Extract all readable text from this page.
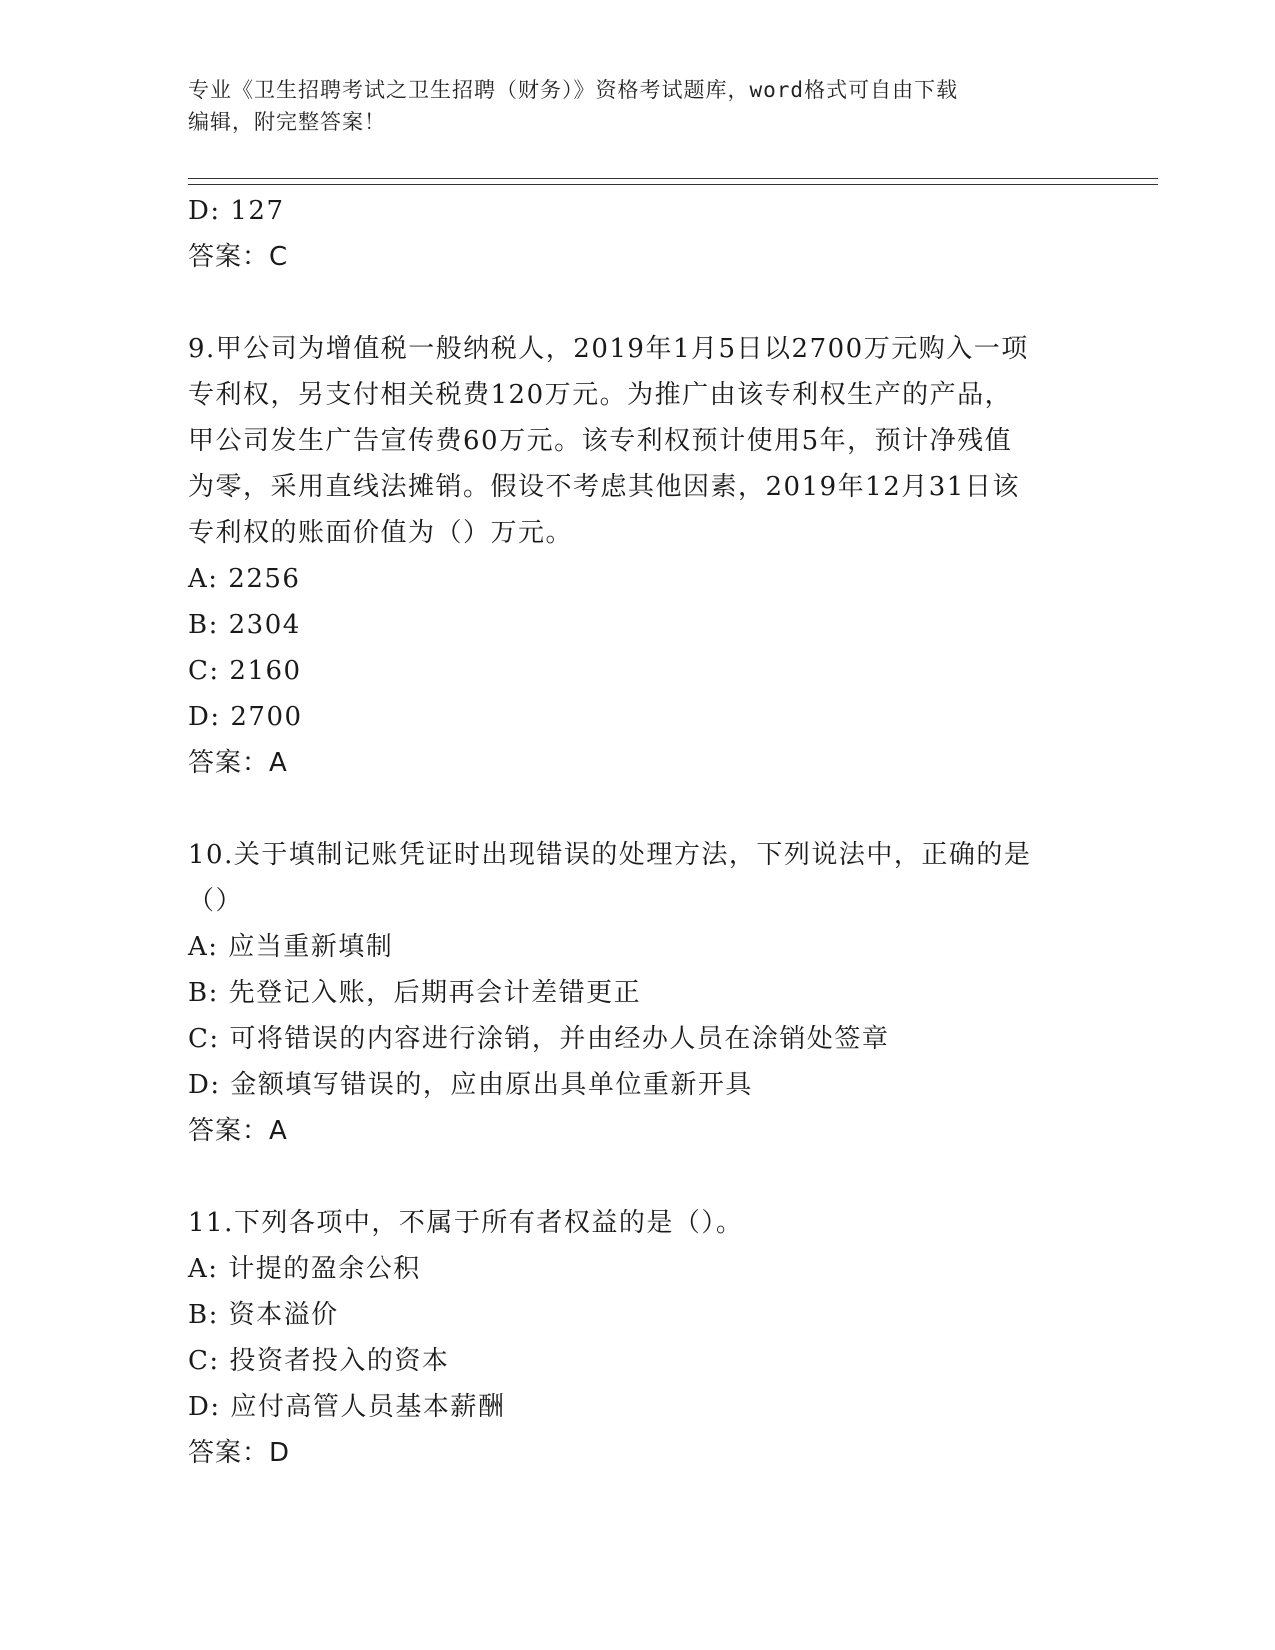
专业《卫生招聘考试之卫生招聘（财务）》资格考试题库，word格式可自由下载
编辑，附完整答案！
D: 127
答案：C
9.甲公司为增值税一般纳税人，2019年1月5日以2700万元购入一项
专利权，另支付相关税费120万元。为推广由该专利权生产的产品，
甲公司发生广告宣传费60万元。该专利权预计使用5年，预计净残值
为零，采用直线法摊销。假设不考虑其他因素，2019年12月31日该
专利权的账面价值为（）万元。
A: 2256
B: 2304
C: 2160
D: 2700
答案：A
10.关于填制记账凭证时出现错误的处理方法，下列说法中，正确的是
（）
A: 应当重新填制
B: 先登记入账，后期再会计差错更正
C: 可将错误的内容进行涂销，并由经办人员在涂销处签章
D: 金额填写错误的，应由原出具单位重新开具
答案：A
11.下列各项中，不属于所有者权益的是（）。
A: 计提的盈余公积
B: 资本溢价
C: 投资者投入的资本
D: 应付高管人员基本薪酬
答案：D
